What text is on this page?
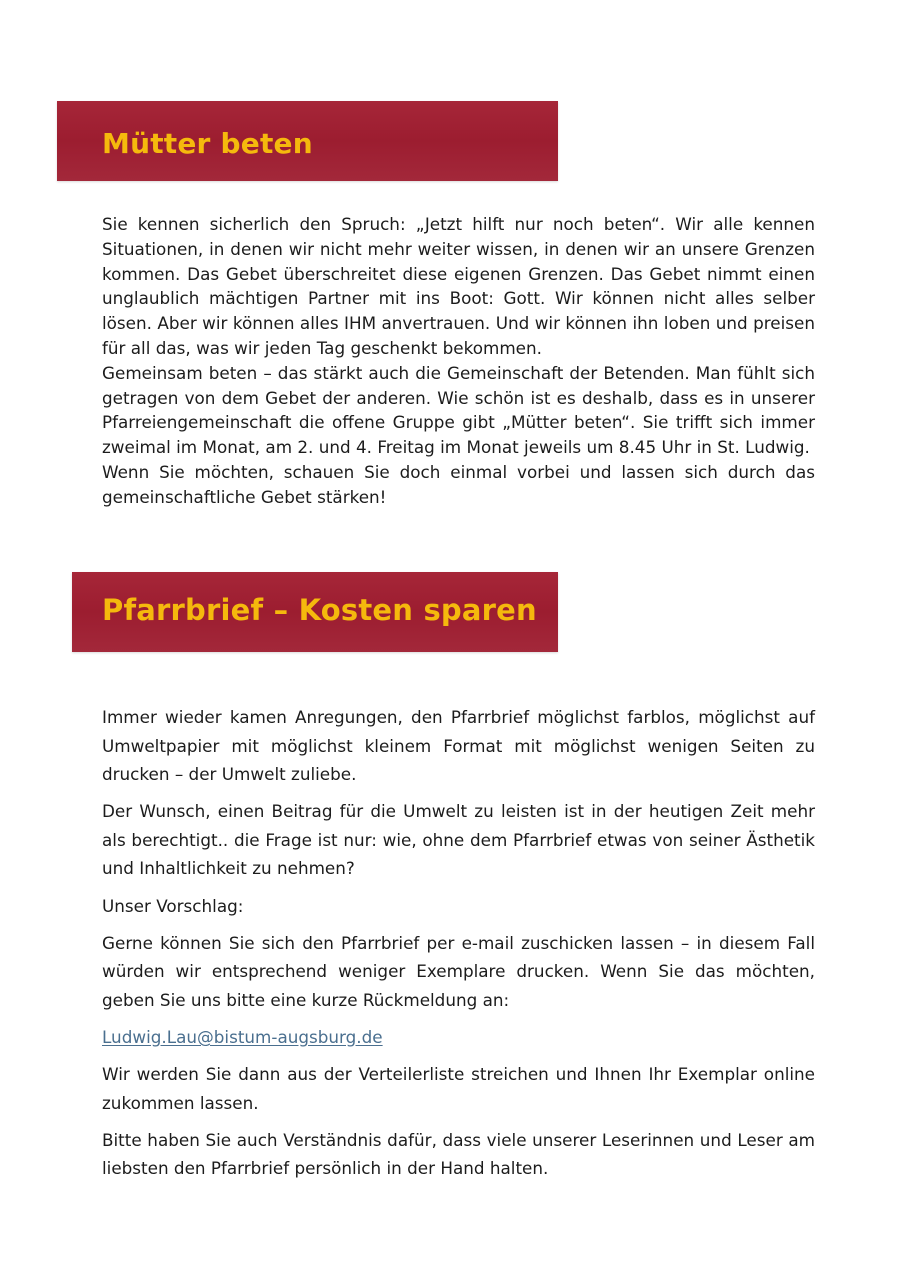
Mütter beten

Sie kennen sicherlich den Spruch: „Jetzt hilft nur noch beten“. Wir alle kennen Situationen, in denen wir nicht mehr weiter wissen, in denen wir an unsere Grenzen kommen. Das Gebet überschreitet diese eigenen Grenzen. Das Gebet nimmt einen unglaublich mächtigen Partner mit ins Boot: Gott. Wir können nicht alles selber lösen. Aber wir können alles IHM anvertrauen. Und wir können ihn loben und preisen für all das, was wir jeden Tag geschenkt bekommen.

Gemeinsam beten – das stärkt auch die Gemeinschaft der Betenden. Man fühlt sich getragen von dem Gebet der anderen. Wie schön ist es deshalb, dass es in unserer Pfarreiengemeinschaft die offene Gruppe gibt „Mütter beten“. Sie trifft sich immer zweimal im Monat, am 2. und 4. Freitag im Monat jeweils um 8.45 Uhr in St. Ludwig.

Wenn Sie möchten, schauen Sie doch einmal vorbei und lassen sich durch das gemeinschaftliche Gebet stärken!

Pfarrbrief – Kosten sparen

Immer wieder kamen Anregungen, den Pfarrbrief möglichst farblos, möglichst auf Umweltpapier mit möglichst kleinem Format mit möglichst wenigen Seiten zu drucken – der Umwelt zuliebe.

Der Wunsch, einen Beitrag für die Umwelt zu leisten ist in der heutigen Zeit mehr als berechtigt.. die Frage ist nur: wie, ohne dem Pfarrbrief etwas von seiner Ästhetik und Inhaltlichkeit zu nehmen?

Unser Vorschlag:

Gerne können Sie sich den Pfarrbrief per e-mail zuschicken lassen – in diesem Fall würden wir entsprechend weniger Exemplare drucken. Wenn Sie das möchten, geben Sie uns bitte eine kurze Rückmeldung an:

Ludwig.Lau@bistum-augsburg.de

Wir werden Sie dann aus der Verteilerliste streichen und Ihnen Ihr Exemplar online zukommen lassen.

Bitte haben Sie auch Verständnis dafür, dass viele unserer Leserinnen und Leser am liebsten den Pfarrbrief persönlich in der Hand halten.
